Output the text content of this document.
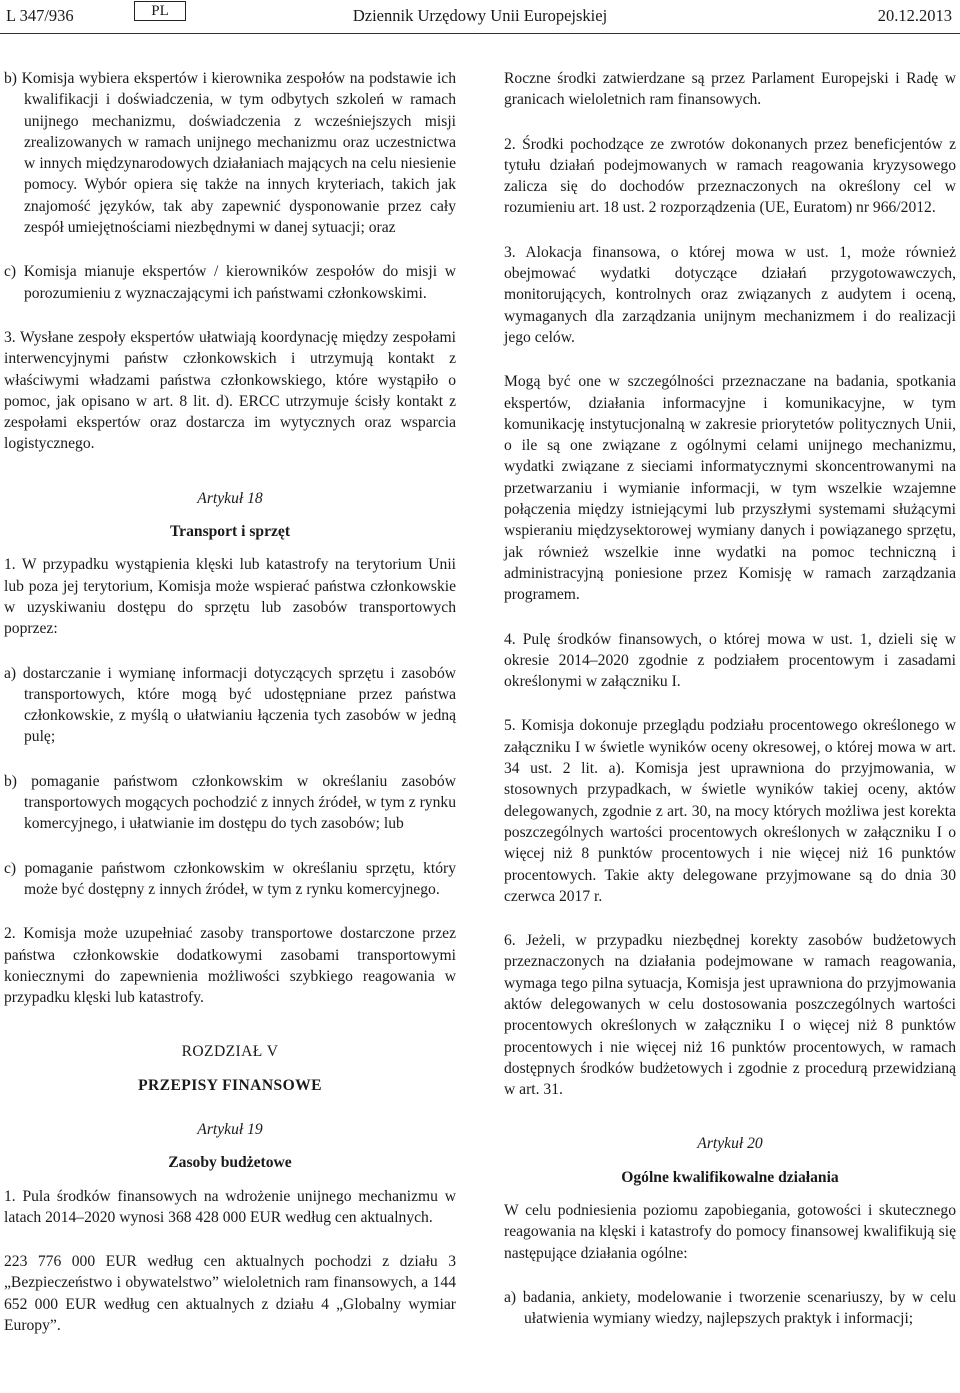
L 347/936	PL	Dziennik Urzędowy Unii Europejskiej	20.12.2013

b) Komisja wybiera ekspertów i kierownika zespołów na podstawie ich kwalifikacji i doświadczenia, w tym odbytych szkoleń w ramach unijnego mechanizmu, doświadczenia z wcześniejszych misji zrealizowanych w ramach unijnego mechanizmu oraz uczestnictwa w innych międzynarodowych działaniach mających na celu niesienie pomocy. Wybór opiera się także na innych kryteriach, takich jak znajomość języków, tak aby zapewnić dysponowanie przez cały zespół umiejętnościami niezbędnymi w danej sytuacji; oraz

c) Komisja mianuje ekspertów / kierowników zespołów do misji w porozumieniu z wyznaczającymi ich państwami członkowskimi.

3. Wysłane zespoły ekspertów ułatwiają koordynację między zespołami interwencyjnymi państw członkowskich i utrzymują kontakt z właściwymi władzami państwa członkowskiego, które wystąpiło o pomoc, jak opisano w art. 8 lit. d). ERCC utrzymuje ścisły kontakt z zespołami ekspertów oraz dostarcza im wytycznych oraz wsparcia logistycznego.

Artykuł 18

Transport i sprzęt

1. W przypadku wystąpienia klęski lub katastrofy na terytorium Unii lub poza jej terytorium, Komisja może wspierać państwa członkowskie w uzyskiwaniu dostępu do sprzętu lub zasobów transportowych poprzez:

a) dostarczanie i wymianę informacji dotyczących sprzętu i zasobów transportowych, które mogą być udostępniane przez państwa członkowskie, z myślą o ułatwianiu łączenia tych zasobów w jedną pulę;

b) pomaganie państwom członkowskim w określaniu zasobów transportowych mogących pochodzić z innych źródeł, w tym z rynku komercyjnego, i ułatwianie im dostępu do tych zasobów; lub

c) pomaganie państwom członkowskim w określaniu sprzętu, który może być dostępny z innych źródeł, w tym z rynku komercyjnego.

2. Komisja może uzupełniać zasoby transportowe dostarczone przez państwa członkowskie dodatkowymi zasobami transportowymi koniecznymi do zapewnienia możliwości szybkiego reagowania w przypadku klęski lub katastrofy.

ROZDZIAŁ V

PRZEPISY FINANSOWE

Artykuł 19

Zasoby budżetowe

1. Pula środków finansowych na wdrożenie unijnego mechanizmu w latach 2014–2020 wynosi 368 428 000 EUR według cen aktualnych.

223 776 000 EUR według cen aktualnych pochodzi z działu 3 „Bezpieczeństwo i obywatelstwo” wieloletnich ram finansowych, a 144 652 000 EUR według cen aktualnych z działu 4 „Globalny wymiar Europy”.

Roczne środki zatwierdzane są przez Parlament Europejski i Radę w granicach wieloletnich ram finansowych.

2. Środki pochodzące ze zwrotów dokonanych przez beneficjentów z tytułu działań podejmowanych w ramach reagowania kryzysowego zalicza się do dochodów przeznaczonych na określony cel w rozumieniu art. 18 ust. 2 rozporządzenia (UE, Euratom) nr 966/2012.

3. Alokacja finansowa, o której mowa w ust. 1, może również obejmować wydatki dotyczące działań przygotowawczych, monitorujących, kontrolnych oraz związanych z audytem i oceną, wymaganych dla zarządzania unijnym mechanizmem i do realizacji jego celów.

Mogą być one w szczególności przeznaczane na badania, spotkania ekspertów, działania informacyjne i komunikacyjne, w tym komunikację instytucjonalną w zakresie priorytetów politycznych Unii, o ile są one związane z ogólnymi celami unijnego mechanizmu, wydatki związane z sieciami informatycznymi skoncentrowanymi na przetwarzaniu i wymianie informacji, w tym wszelkie wzajemne połączenia między istniejącymi lub przyszłymi systemami służącymi wspieraniu międzysektorowej wymiany danych i powiązanego sprzętu, jak również wszelkie inne wydatki na pomoc techniczną i administracyjną poniesione przez Komisję w ramach zarządzania programem.

4. Pulę środków finansowych, o której mowa w ust. 1, dzieli się w okresie 2014–2020 zgodnie z podziałem procentowym i zasadami określonymi w załączniku I.

5. Komisja dokonuje przeglądu podziału procentowego określonego w załączniku I w świetle wyników oceny okresowej, o której mowa w art. 34 ust. 2 lit. a). Komisja jest uprawniona do przyjmowania, w stosownych przypadkach, w świetle wyników takiej oceny, aktów delegowanych, zgodnie z art. 30, na mocy których możliwa jest korekta poszczególnych wartości procentowych określonych w załączniku I o więcej niż 8 punktów procentowych i nie więcej niż 16 punktów procentowych. Takie akty delegowane przyjmowane są do dnia 30 czerwca 2017 r.

6. Jeżeli, w przypadku niezbędnej korekty zasobów budżetowych przeznaczonych na działania podejmowane w ramach reagowania, wymaga tego pilna sytuacja, Komisja jest uprawniona do przyjmowania aktów delegowanych w celu dostosowania poszczególnych wartości procentowych określonych w załączniku I o więcej niż 8 punktów procentowych i nie więcej niż 16 punktów procentowych, w ramach dostępnych środków budżetowych i zgodnie z procedurą przewidzianą w art. 31.

Artykuł 20

Ogólne kwalifikowalne działania

W celu podniesienia poziomu zapobiegania, gotowości i skutecznego reagowania na klęski i katastrofy do pomocy finansowej kwalifikują się następujące działania ogólne:

a) badania, ankiety, modelowanie i tworzenie scenariuszy, by w celu ułatwienia wymiany wiedzy, najlepszych praktyk i informacji;
